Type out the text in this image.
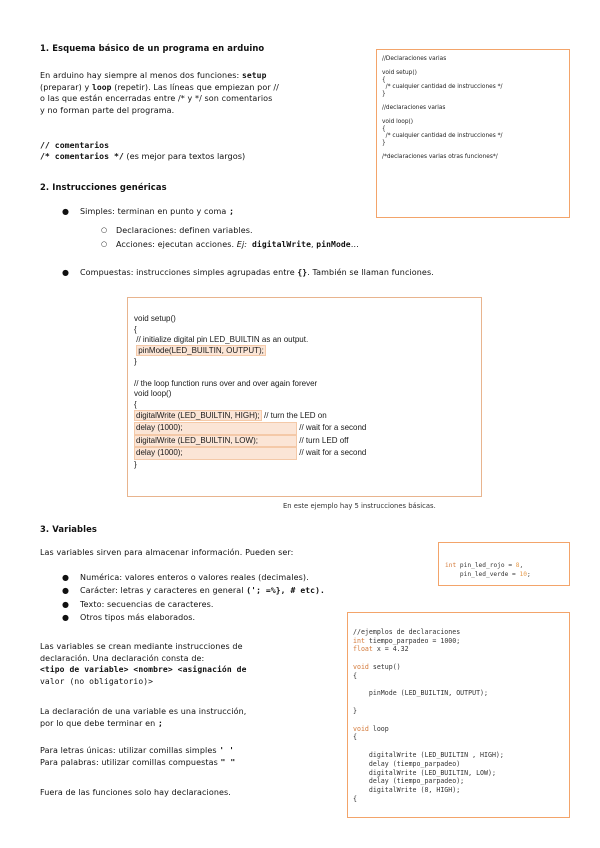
1. Esquema básico de un programa en arduino
En arduino hay siempre al menos dos funciones: setup
(preparar) y loop (repetir). Las líneas que empiezan por //
o las que están encerradas entre /* y */ son comentarios
y no forman parte del programa.
// comentarios
/* comentarios */ (es mejor para textos largos)
//Declaraciones varias

void setup()
{
/* cualquier cantidad de instrucciones */
}

//declaraciones varias

void loop()
{
/* cualquier cantidad de instrucciones */
}

/*declaraciones varias otras funciones*/
2. Instrucciones genéricas
● Simples: terminan en punto y coma ;
○ Declaraciones: definen variables.
○ Acciones: ejecutan acciones. Ej: digitalWrite, pinMode…
● Compuestas: instrucciones simples agrupadas entre {}. También se llaman funciones.

void setup()
{
// initialize digital pin LED_BUILTIN as an output.
pinMode(LED_BUILTIN, OUTPUT);
}

// the loop function runs over and over again forever
void loop()
{
digitalWrite (LED_BUILTIN, HIGH); // turn the LED on
delay (1000);	// wait for a second
digitalWrite (LED_BUILTIN, LOW);	// turn LED off
delay (1000);	// wait for a second
}

En este ejemplo hay 5 instrucciones básicas.
3. Variables
Las variables sirven para almacenar información. Pueden ser:
● Numérica: valores enteros o valores reales (decimales).
● Carácter: letras y caracteres en general ('; =%}, # etc).
● Texto: secuencias de caracteres.
● Otros tipos más elaborados.
Las variables se crean mediante instrucciones de
declaración. Una declaración consta de:
<tipo de variable> <nombre> <asignación de
valor (no obligatorio)>
La declaración de una variable es una instrucción,
por lo que debe terminar en ;
Para letras únicas: utilizar comillas simples ' '
Para palabras: utilizar comillas compuestas " "
Fuera de las funciones solo hay declaraciones.

int pin_led_rojo = 8,
pin_led_verde = 10;

//ejemplos de declaraciones
int tiempo_parpadeo = 1000;
float x = 4.32

void setup()
{

pinMode (LED_BUILTIN, OUTPUT);

}

void loop
{

digitalWrite (LED_BUILTIN , HIGH);
delay (tiempo_parpadeo)
digitalWrite (LED_BUILTIN, LOW);
delay (tiempo_parpadeo);
digitalWrite (8, HIGH);
{
